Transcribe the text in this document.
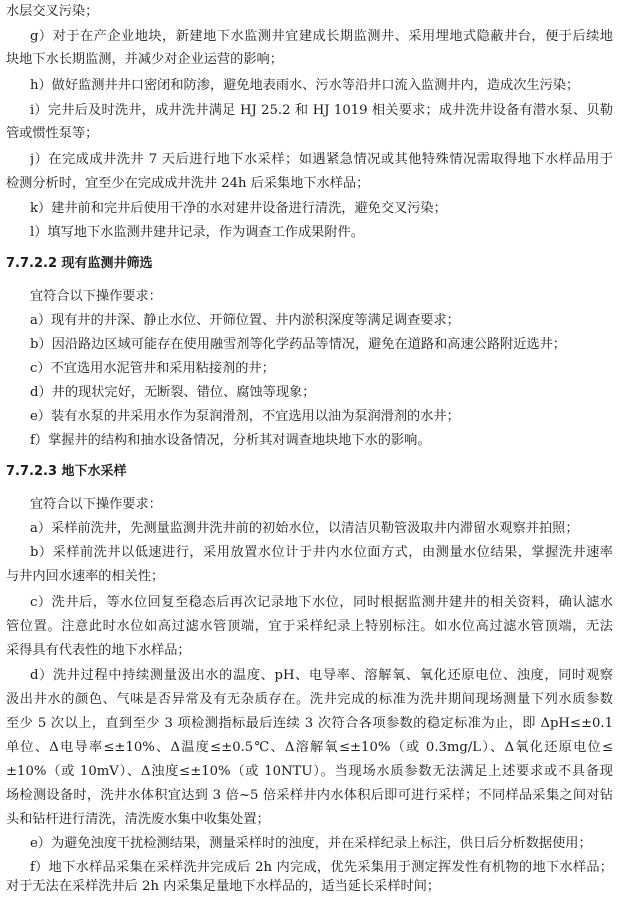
水层交叉污染；
g）对于在产企业地块，新建地下水监测井宜建成长期监测井、采用埋地式隐蔽井台，便于后续地
块地下水长期监测，并减少对企业运营的影响；
h）做好监测井井口密闭和防渗，避免地表雨水、污水等沿井口流入监测井内，造成次生污染；
i）完井后及时洗井，成井洗井满足 HJ 25.2 和 HJ 1019 相关要求；成井洗井设备有潜水泵、贝勒
管或惯性泵等；
j）在完成成井洗井 7 天后进行地下水采样；如遇紧急情况或其他特殊情况需取得地下水样品用于
检测分析时，宜至少在完成成井洗井 24h 后采集地下水样品；
k）建井前和完井后使用干净的水对建井设备进行清洗，避免交叉污染；
l）填写地下水监测井建井记录，作为调查工作成果附件。
7.7.2.2 现有监测井筛选
宜符合以下操作要求：
a）现有井的井深、静止水位、开筛位置、井内淤积深度等满足调查要求；
b）因沿路边区域可能存在使用融雪剂等化学药品等情况，避免在道路和高速公路附近选井；
c）不宜选用水泥管井和采用粘接剂的井；
d）井的现状完好，无断裂、错位、腐蚀等现象；
e）装有水泵的井采用水作为泵润滑剂，不宜选用以油为泵润滑剂的水井；
f）掌握井的结构和抽水设备情况，分析其对调查地块地下水的影响。
7.7.2.3 地下水采样
宜符合以下操作要求：
a）采样前洗井，先测量监测井洗井前的初始水位，以清洁贝勒管汲取井内滞留水观察并拍照；
b）采样前洗井以低速进行，采用放置水位计于井内水位面方式，由测量水位结果，掌握洗井速率
与井内回水速率的相关性；
c）洗井后，等水位回复至稳态后再次记录地下水位，同时根据监测井建井的相关资料，确认滤水
管位置。注意此时水位如高过滤水管顶端，宜于采样纪录上特别标注。如水位高过滤水管顶端，无法
采得具有代表性的地下水样品；
d）洗井过程中持续测量汲出水的温度、pH、电导率、溶解氧、氧化还原电位、浊度，同时观察
汲出井水的颜色、气味是否异常及有无杂质存在。洗井完成的标准为洗井期间现场测量下列水质参数
至少 5 次以上，直到至少 3 项检测指标最后连续 3 次符合各项参数的稳定标准为止，即 ΔpH≤±0.1
单位、Δ电导率≤±10%、Δ温度≤±0.5℃、Δ溶解氧≤±10%（或 0.3mg/L）、Δ氧化还原电位≤
±10%（或 10mV）、Δ浊度≤±10%（或 10NTU）。当现场水质参数无法满足上述要求或不具备现
场检测设备时，洗井水体积宜达到 3 倍~5 倍采样井内水体积后即可进行采样；不同样品采集之间对钻
头和钻杆进行清洗，清洗废水集中收集处置；
e）为避免浊度干扰检测结果，测量采样时的浊度，并在采样纪录上标注，供日后分析数据使用；
f）地下水样品采集在采样洗井完成后 2h 内完成，优先采集用于测定挥发性有机物的地下水样品；
对于无法在采样洗井后 2h 内采集足量地下水样品的，适当延长采样时间；
